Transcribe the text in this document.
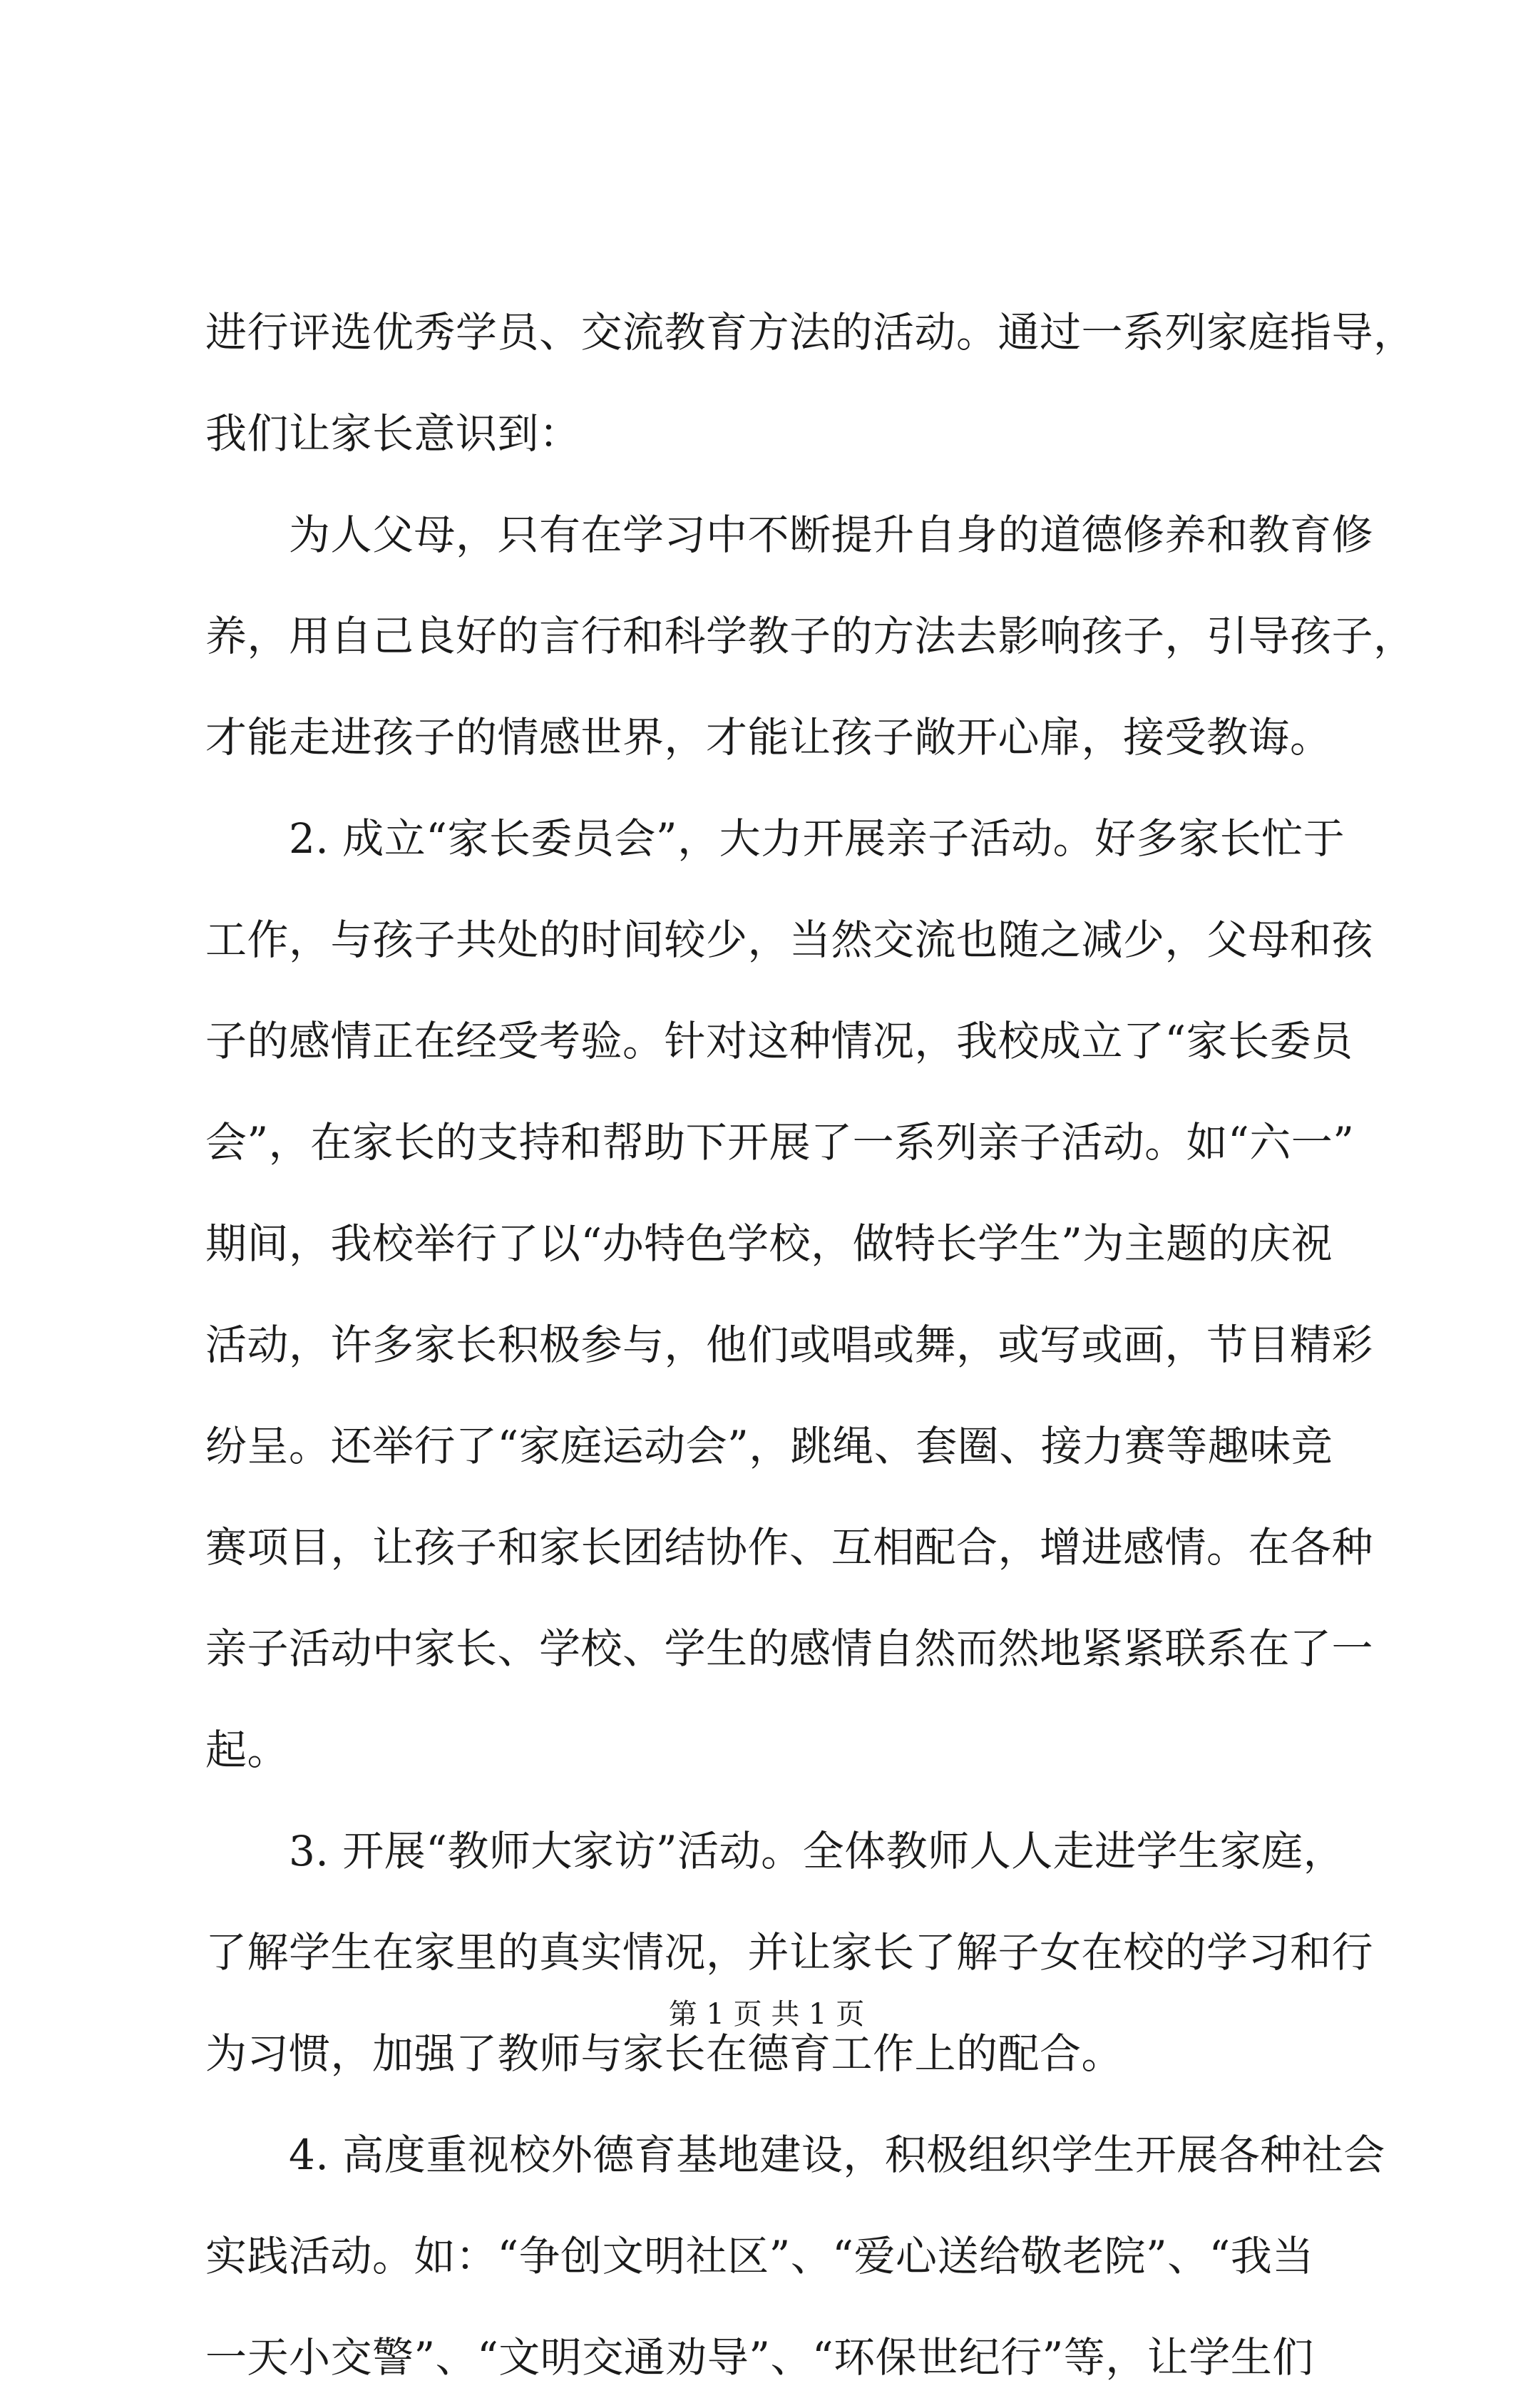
进行评选优秀学员、交流教育方法的活动。通过一系列家庭指导，
我们让家长意识到：
　　为人父母，只有在学习中不断提升自身的道德修养和教育修
养，用自己良好的言行和科学教子的方法去影响孩子，引导孩子，
才能走进孩子的情感世界，才能让孩子敞开心扉，接受教诲。
　　2. 成立“家长委员会”，大力开展亲子活动。好多家长忙于
工作，与孩子共处的时间较少，当然交流也随之减少，父母和孩
子的感情正在经受考验。针对这种情况，我校成立了“家长委员
会”，在家长的支持和帮助下开展了一系列亲子活动。如“六一”
期间，我校举行了以“办特色学校，做特长学生”为主题的庆祝
活动，许多家长积极参与，他们或唱或舞，或写或画，节目精彩
纷呈。还举行了“家庭运动会”，跳绳、套圈、接力赛等趣味竞
赛项目，让孩子和家长团结协作、互相配合，增进感情。在各种
亲子活动中家长、学校、学生的感情自然而然地紧紧联系在了一
起。
　　3. 开展“教师大家访”活动。全体教师人人走进学生家庭，
了解学生在家里的真实情况，并让家长了解子女在校的学习和行
为习惯，加强了教师与家长在德育工作上的配合。
　　4. 高度重视校外德育基地建设，积极组织学生开展各种社会
实践活动。如：“争创文明社区”、“爱心送给敬老院”、“我当
一天小交警”、“文明交通劝导”、“环保世纪行”等，让学生们
第 1 页 共 1 页
